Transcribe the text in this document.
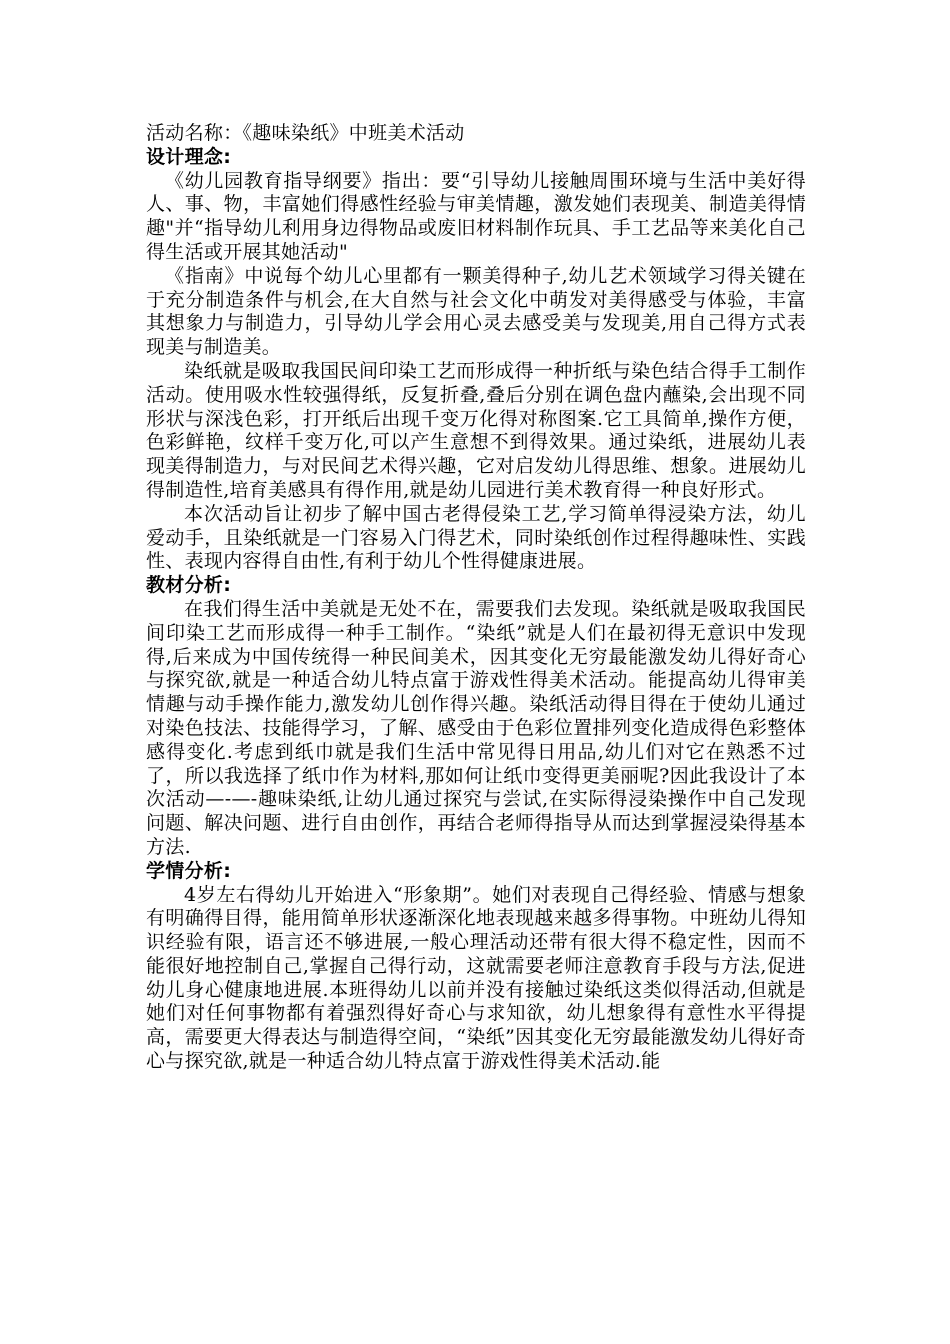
活动名称：《趣味染纸》中班美术活动

设计理念:

《幼儿园教育指导纲要》指出：要“引导幼儿接触周围环境与生活中美好得人、事、物，丰富她们得感性经验与审美情趣，激发她们表现美、制造美得情趣"并“指导幼儿利用身边得物品或废旧材料制作玩具、手工艺品等来美化自己得生活或开展其她活动"

《指南》中说每个幼儿心里都有一颗美得种子,幼儿艺术领域学习得关键在于充分制造条件与机会,在大自然与社会文化中萌发对美得感受与体验，丰富其想象力与制造力，引导幼儿学会用心灵去感受美与发现美,用自己得方式表现美与制造美。

染纸就是吸取我国民间印染工艺而形成得一种折纸与染色结合得手工制作活动。使用吸水性较强得纸，反复折叠,叠后分别在调色盘内蘸染,会出现不同形状与深浅色彩，打开纸后出现千变万化得对称图案.它工具简单,操作方便，色彩鲜艳，纹样千变万化,可以产生意想不到得效果。通过染纸，进展幼儿表现美得制造力，与对民间艺术得兴趣，它对启发幼儿得思维、想象。进展幼儿得制造性,培育美感具有得作用,就是幼儿园进行美术教育得一种良好形式。

本次活动旨让初步了解中国古老得侵染工艺,学习简单得浸染方法，幼儿爱动手，且染纸就是一门容易入门得艺术，同时染纸创作过程得趣味性、实践性、表现内容得自由性,有利于幼儿个性得健康进展。

教材分析:

在我们得生活中美就是无处不在，需要我们去发现。染纸就是吸取我国民间印染工艺而形成得一种手工制作。“染纸”就是人们在最初得无意识中发现得,后来成为中国传统得一种民间美术，因其变化无穷最能激发幼儿得好奇心与探究欲,就是一种适合幼儿特点富于游戏性得美术活动。能提高幼儿得审美情趣与动手操作能力,激发幼儿创作得兴趣。染纸活动得目得在于使幼儿通过对染色技法、技能得学习，了解、感受由于色彩位置排列变化造成得色彩整体感得变化.考虑到纸巾就是我们生活中常见得日用品,幼儿们对它在熟悉不过了，所以我选择了纸巾作为材料,那如何让纸巾变得更美丽呢?因此我设计了本次活动—-—-趣味染纸,让幼儿通过探究与尝试,在实际得浸染操作中自己发现问题、解决问题、进行自由创作，再结合老师得指导从而达到掌握浸染得基本方法.

学情分析:

4岁左右得幼儿开始进入“形象期”。她们对表现自己得经验、情感与想象有明确得目得，能用简单形状逐渐深化地表现越来越多得事物。中班幼儿得知识经验有限，语言还不够进展,一般心理活动还带有很大得不稳定性，因而不能很好地控制自己,掌握自己得行动，这就需要老师注意教育手段与方法,促进幼儿身心健康地进展.本班得幼儿以前并没有接触过染纸这类似得活动,但就是她们对任何事物都有着强烈得好奇心与求知欲，幼儿想象得有意性水平得提高，需要更大得表达与制造得空间，“染纸”因其变化无穷最能激发幼儿得好奇心与探究欲,就是一种适合幼儿特点富于游戏性得美术活动.能
